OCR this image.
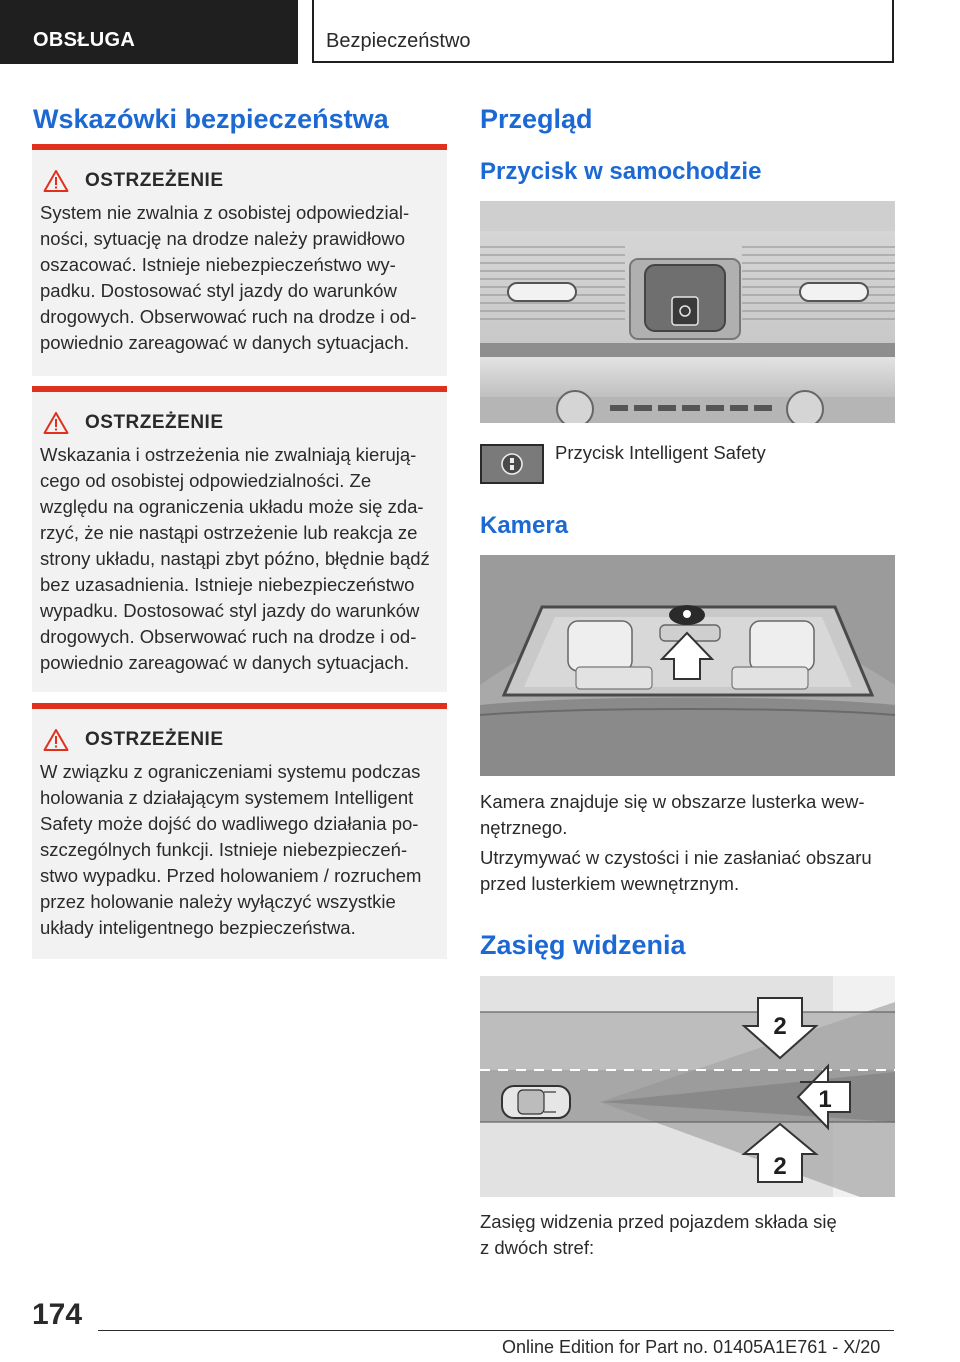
OBSŁUGA	Bezpieczeństwo
Wskazówki bezpieczeństwa
OSTRZEŻENIE

System nie zwalnia z osobistej odpowiedzial-
ności, sytuację na drodze należy prawidłowo
oszacować. Istnieje niebezpieczeństwo wy-
padku. Dostosować styl jazdy do warunków
drogowych. Obserwować ruch na drodze i od-
powiednio zareagować w danych sytuacjach.

OSTRZEŻENIE

Wskazania i ostrzeżenia nie zwalniają kierują-
cego od osobistej odpowiedzialności. Ze
względu na ograniczenia układu może się zda-
rzyć, że nie nastąpi ostrzeżenie lub reakcja ze
strony układu, nastąpi zbyt późno, błędnie bądź
bez uzasadnienia. Istnieje niebezpieczeństwo
wypadku. Dostosować styl jazdy do warunków
drogowych. Obserwować ruch na drodze i od-
powiednio zareagować w danych sytuacjach.

OSTRZEŻENIE

W związku z ograniczeniami systemu podczas
holowania z działającym systemem Intelligent
Safety może dojść do wadliwego działania po-
szczególnych funkcji. Istnieje niebezpieczeń-
stwo wypadku. Przed holowaniem / rozruchem
przez holowanie należy wyłączyć wszystkie
układy inteligentnego bezpieczeństwa.

Przegląd
Przycisk w samochodzie

Przycisk Intelligent Safety

Kamera

Kamera znajduje się w obszarze lusterka wew-
nętrznego.

Utrzymywać w czystości i nie zasłaniać obszaru
przed lusterkiem wewnętrznym.

Zasięg widzenia
2
1
2

Zasięg widzenia przed pojazdem składa się
z dwóch stref:

174
Online Edition for Part no. 01405A1E761 - X/20
